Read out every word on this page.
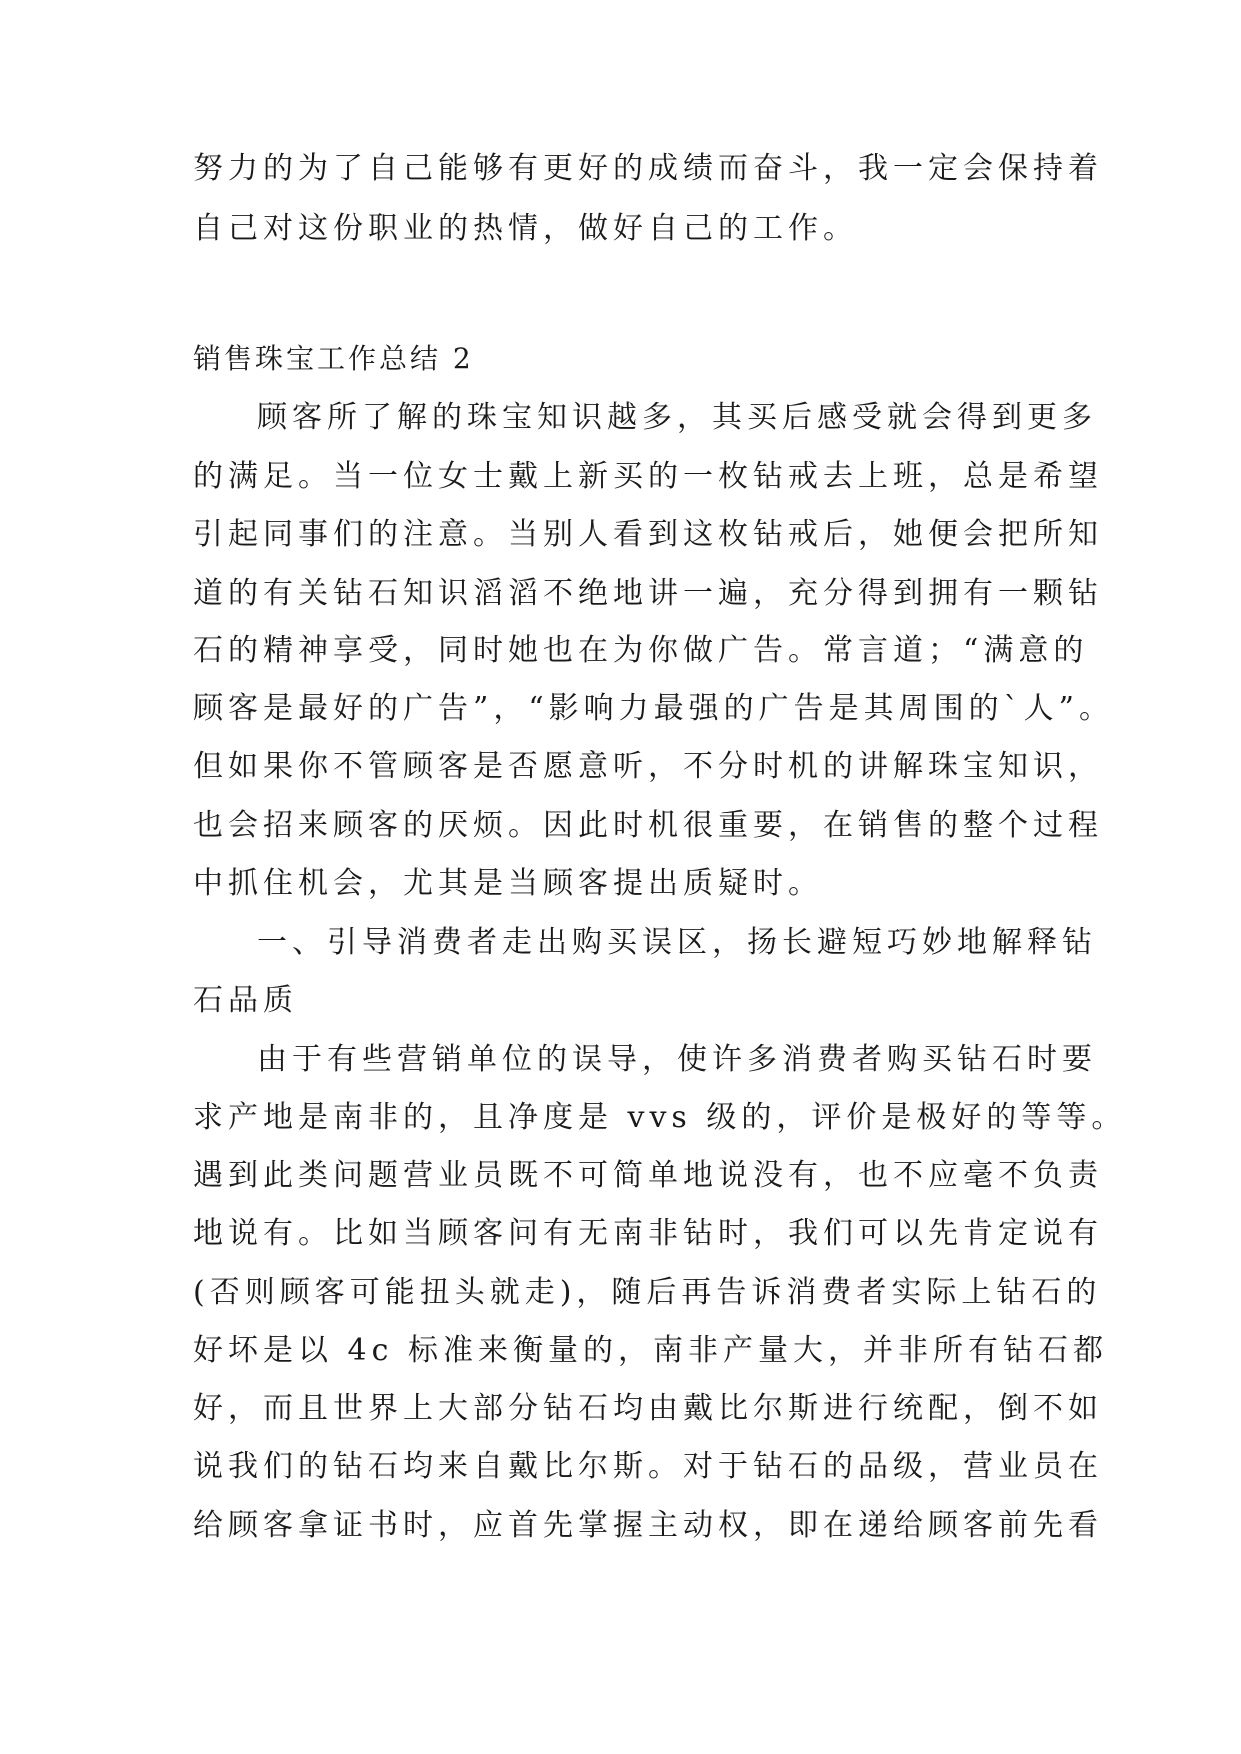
努力的为了自己能够有更好的成绩而奋斗，我一定会保持着
自己对这份职业的热情，做好自己的工作。
销售珠宝工作总结 2
顾客所了解的珠宝知识越多，其买后感受就会得到更多
的满足。当一位女士戴上新买的一枚钻戒去上班，总是希望
引起同事们的注意。当别人看到这枚钻戒后，她便会把所知
道的有关钻石知识滔滔不绝地讲一遍，充分得到拥有一颗钻
石的精神享受，同时她也在为你做广告。常言道；“满意的
顾客是最好的广告”，“影响力最强的广告是其周围的`人”。
但如果你不管顾客是否愿意听，不分时机的讲解珠宝知识，
也会招来顾客的厌烦。因此时机很重要，在销售的整个过程
中抓住机会，尤其是当顾客提出质疑时。
一、引导消费者走出购买误区，扬长避短巧妙地解释钻
石品质
由于有些营销单位的误导，使许多消费者购买钻石时要
求产地是南非的，且净度是 vvs 级的，评价是极好的等等。
遇到此类问题营业员既不可简单地说没有，也不应毫不负责
地说有。比如当顾客问有无南非钻时，我们可以先肯定说有
(否则顾客可能扭头就走)，随后再告诉消费者实际上钻石的
好坏是以 4c 标准来衡量的，南非产量大，并非所有钻石都
好，而且世界上大部分钻石均由戴比尔斯进行统配，倒不如
说我们的钻石均来自戴比尔斯。对于钻石的品级，营业员在
给顾客拿证书时，应首先掌握主动权，即在递给顾客前先看
